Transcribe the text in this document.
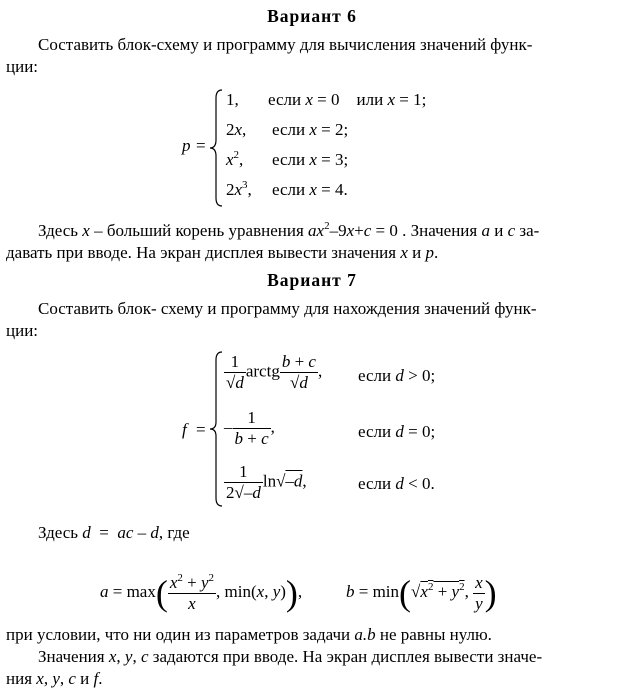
Вариант 6
Составить блок-схему и программу для вычисления значений функ-
ции:
p =
1, если x = 0    или x = 1;
2x, если x = 2;
$x^2$, если x = 3;
$2x^3$, если x = 4.
Здесь x – больший корень уравнения $ax^2-9x+c = 0$ . Значения a и c за-
давать при вводе. На экран дисплея вывести значения x и p.
Вариант 7
Составить блок- схему и программу для нахождения значений функ-
ции:
f =
$\frac{1}{√d}$ arctg $\frac{b + c}{√d}$ , если d > 0;
– $\frac{1}{b + c}$ ,	если d = 0;
$\frac{1}{2√-d} \ln√-d$,	если d < 0.
Здесь d  =  ac – d, где
$a = \max( \frac{x^2 + y^2}{x}$ , min(x, y)),	$b = \min(√x^2 + y^2$, $\frac{x}{y}$ )
при условии, что ни один из параметров задачи a.b не равны нулю.
Значения x, y, c задаются при вводе. На экран дисплея вывести значе-
ния x, y, c и f.
